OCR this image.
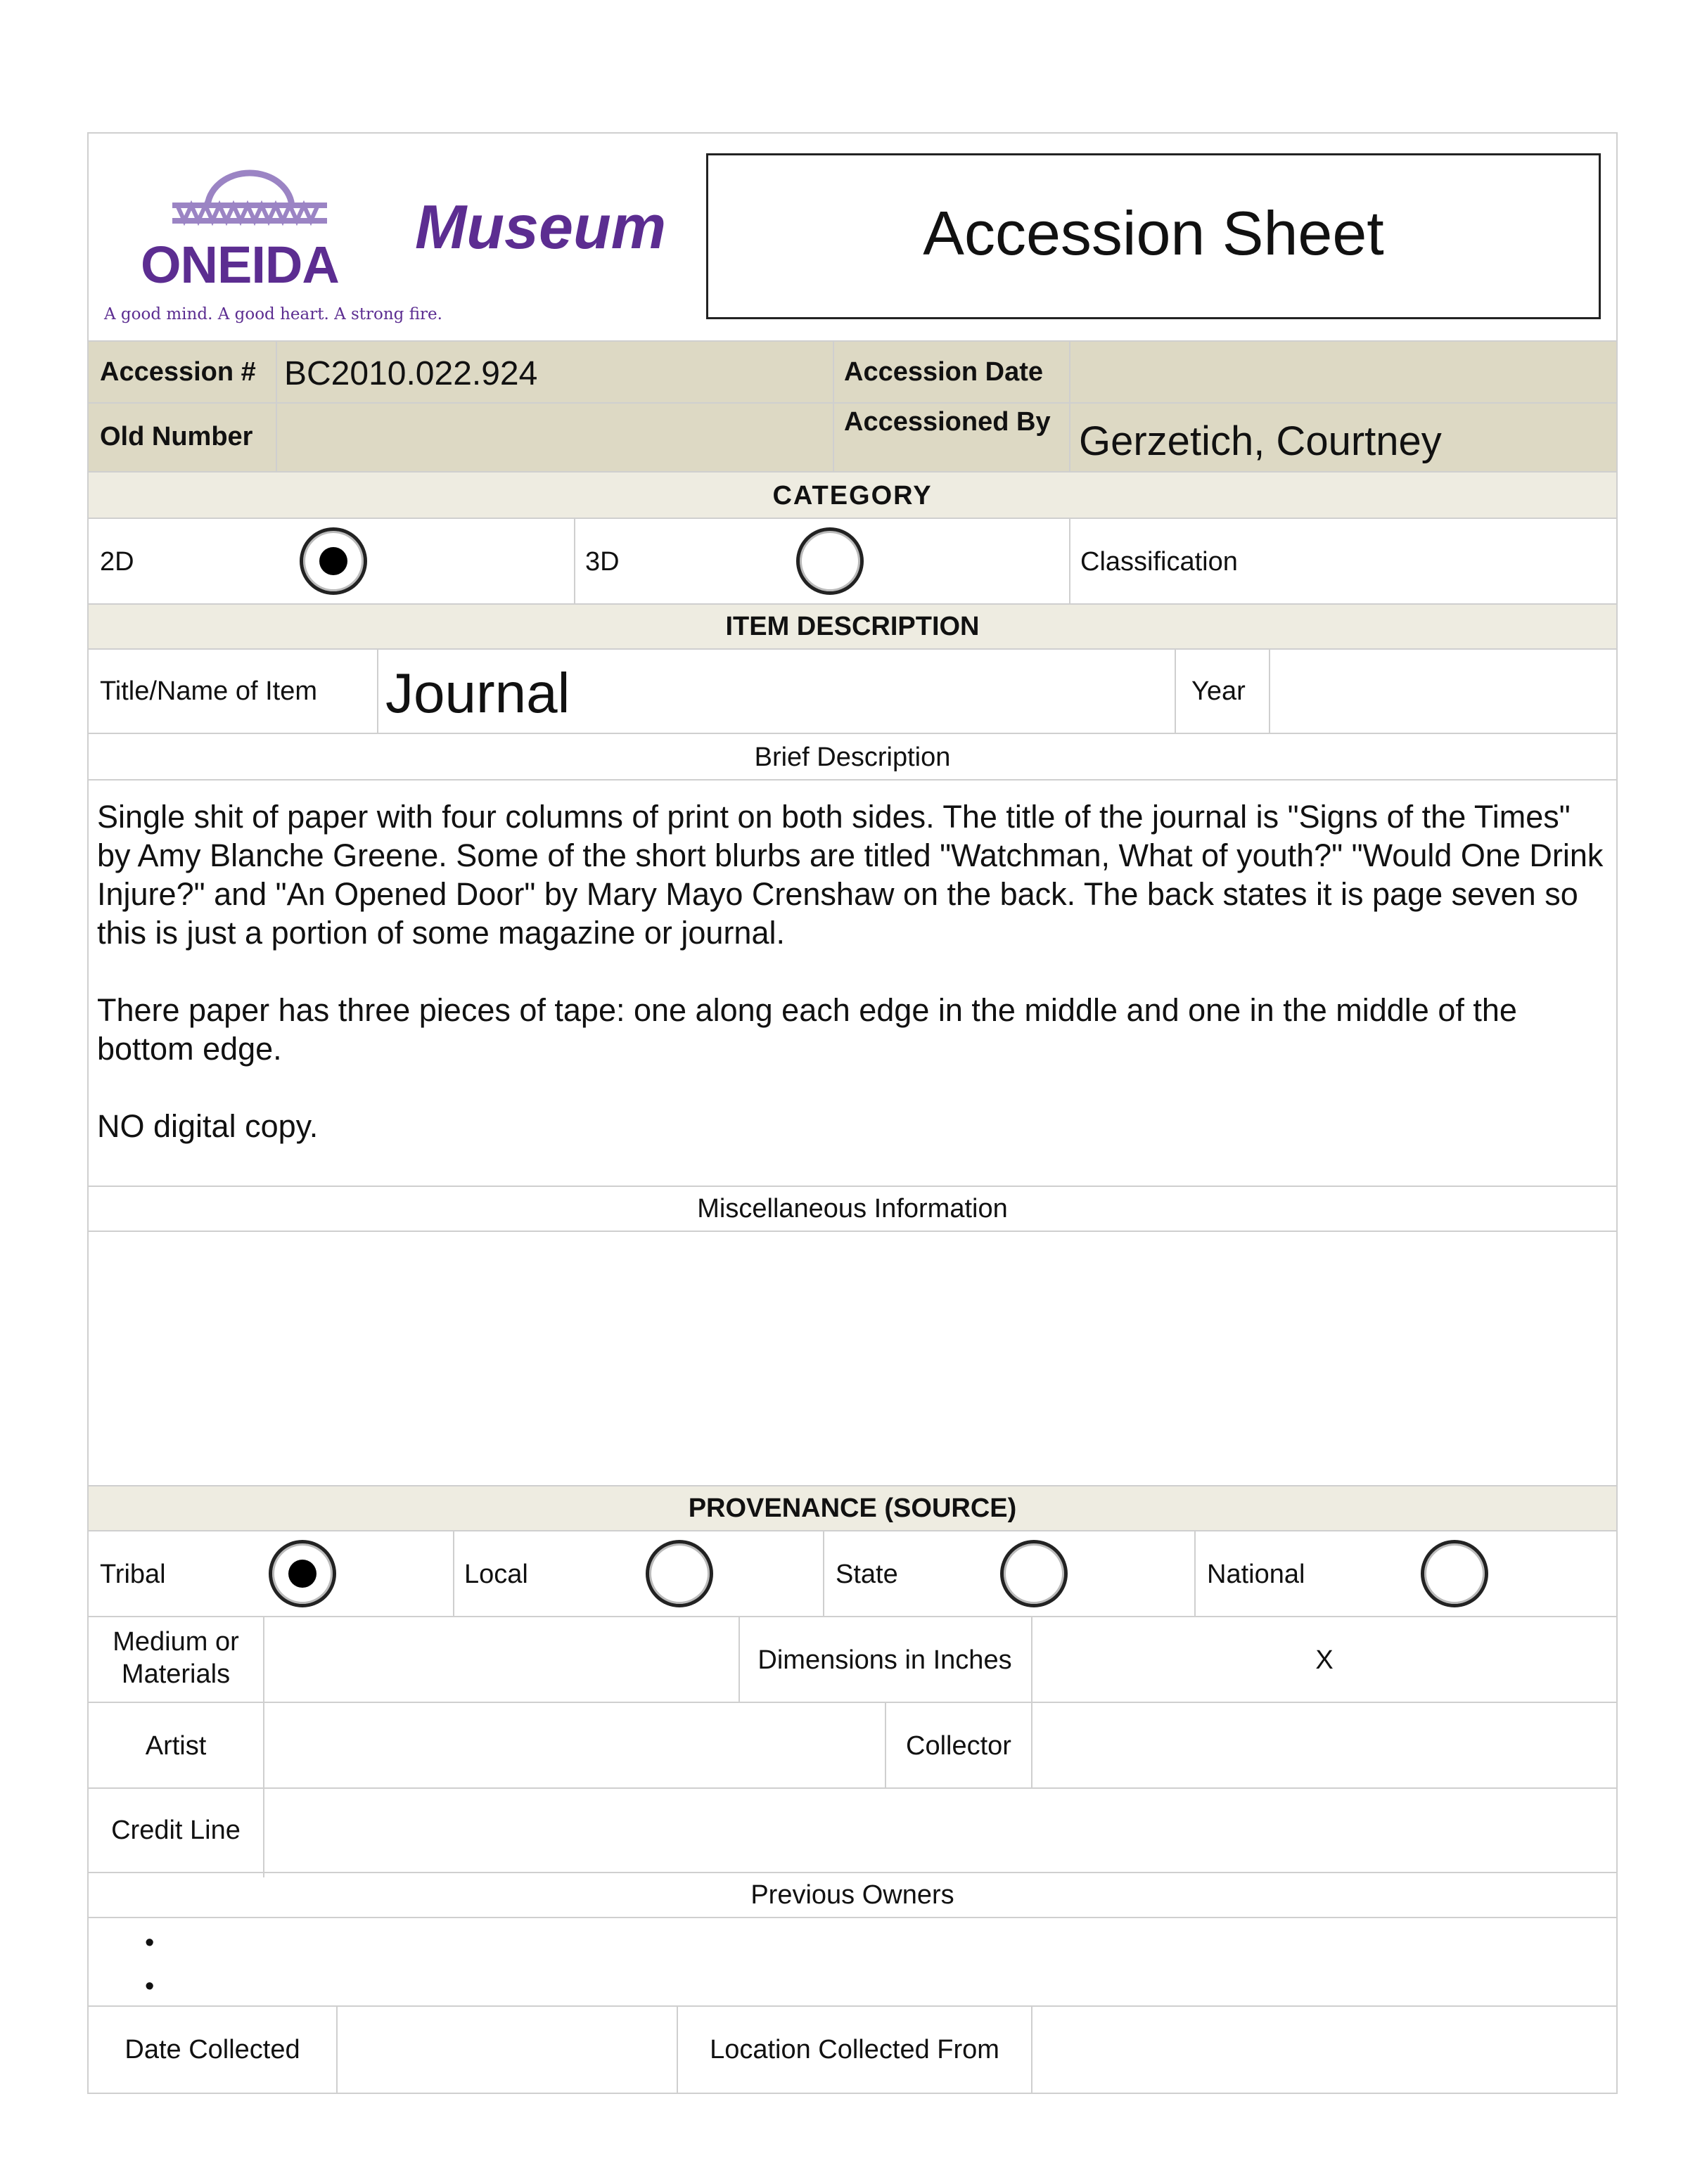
ONEIDA
A good mind. A good heart. A strong fire.
Museum	Accession Sheet
Accession # BC2010.022.924	Accession Date
Old Number	Accessioned By Gerzetich, Courtney
CATEGORY
2D	3D	Classification
ITEM DESCRIPTION
Title/Name of Item Journal	Year
Brief Description

Single shit of paper with four columns of print on both sides. The title of the journal is "Signs of the Times" by Amy Blanche Greene. Some of the short blurbs are titled "Watchman, What of youth?" "Would One Drink Injure?" and "An Opened Door" by Mary Mayo Crenshaw on the back. The back states it is page seven so this is just a portion of some magazine or journal.

There paper has three pieces of tape: one along each edge in the middle and one in the middle of the bottom edge.

NO digital copy.

Miscellaneous Information
PROVENANCE (SOURCE)
Tribal	Local	State	National
Medium or Materials	Dimensions in Inches	X
Artist	Collector
Credit Line
Previous Owners
•
•
Date Collected	Location Collected From
